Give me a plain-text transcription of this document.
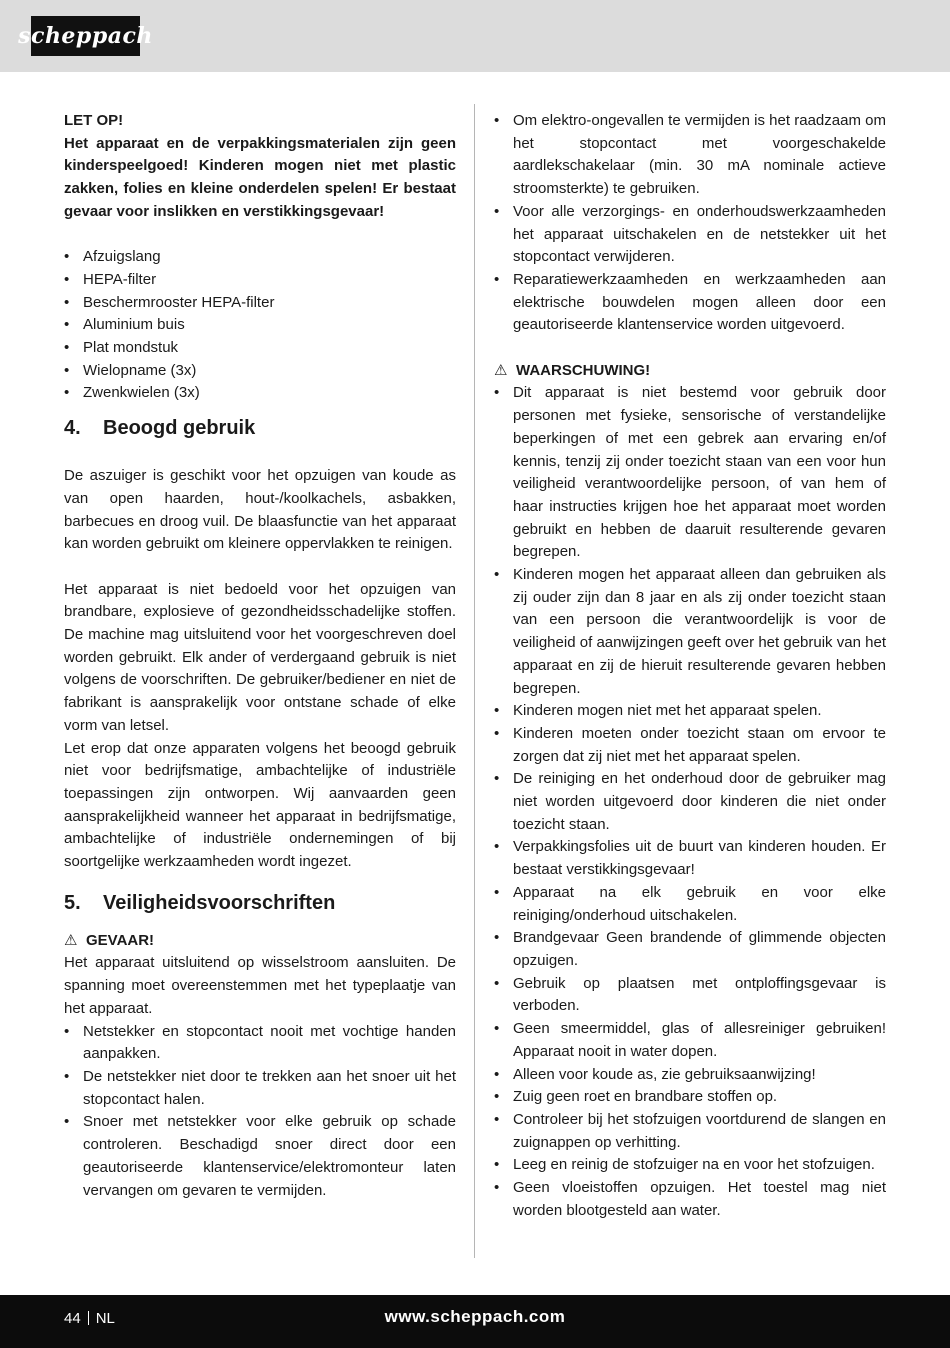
scheppach

LET OP!

Het apparaat en de verpakkingsmaterialen zijn geen kinderspeelgoed! Kinderen mogen niet met plastic zakken, folies en kleine onderdelen spelen! Er bestaat gevaar voor inslikken en verstikkingsgevaar!

• Afzuigslang
• HEPA-filter
• Beschermrooster HEPA-filter
• Aluminium buis
• Plat mondstuk
• Wielopname (3x)
• Zwenkwielen (3x)
4.	Beoogd gebruik

De aszuiger is geschikt voor het opzuigen van koude as van open haarden, hout-/koolkachels, asbakken, barbecues en droog vuil. De blaasfunctie van het apparaat kan worden gebruikt om kleinere oppervlakken te reinigen.

Het apparaat is niet bedoeld voor het opzuigen van brandbare, explosieve of gezondheidsschadelijke stoffen. De machine mag uitsluitend voor het voorgeschreven doel worden gebruikt. Elk ander of verdergaand gebruik is niet volgens de voorschriften. De gebruiker/bediener en niet de fabrikant is aansprakelijk voor ontstane schade of elke vorm van letsel.

Let erop dat onze apparaten volgens het beoogd gebruik niet voor bedrijfsmatige, ambachtelijke of industriële toepassingen zijn ontworpen. Wij aanvaarden geen aansprakelijkheid wanneer het apparaat in bedrijfsmatige, ambachtelijke of industriële ondernemingen of bij soortgelijke werkzaamheden wordt ingezet.

5.	Veiligheidsvoorschriften
⚠ GEVAAR!

Het apparaat uitsluitend op wisselstroom aansluiten. De spanning moet overeenstemmen met het typeplaatje van het apparaat.

• Netstekker en stopcontact nooit met vochtige handen aanpakken.
• De netstekker niet door te trekken aan het snoer uit het stopcontact halen.
• Snoer met netstekker voor elke gebruik op schade controleren. Beschadigd snoer direct door een geautoriseerde klantenservice/elektromonteur laten vervangen om gevaren te vermijden.
• Om elektro-ongevallen te vermijden is het raadzaam om het stopcontact met voorgeschakelde aardlekschakelaar (min. 30 mA nominale actieve stroomsterkte) te gebruiken.
• Voor alle verzorgings- en onderhoudswerkzaamheden het apparaat uitschakelen en de netstekker uit het stopcontact verwijderen.
• Reparatiewerkzaamheden en werkzaamheden aan elektrische bouwdelen mogen alleen door een geautoriseerde klantenservice worden uitgevoerd.
⚠ WAARSCHUWING!
• Dit apparaat is niet bestemd voor gebruik door personen met fysieke, sensorische of verstandelijke beperkingen of met een gebrek aan ervaring en/of kennis, tenzij zij onder toezicht staan van een voor hun veiligheid verantwoordelijke persoon, of van hem of haar instructies krijgen hoe het apparaat moet worden gebruikt en hebben de daaruit resulterende gevaren begrepen.
• Kinderen mogen het apparaat alleen dan gebruiken als zij ouder zijn dan 8 jaar en als zij onder toezicht staan van een persoon die verantwoordelijk is voor de veiligheid of aanwijzingen geeft over het gebruik van het apparaat en zij de hieruit resulterende gevaren hebben begrepen.
• Kinderen mogen niet met het apparaat spelen.
• Kinderen moeten onder toezicht staan om ervoor te zorgen dat zij niet met het apparaat spelen.
• De reiniging en het onderhoud door de gebruiker mag niet worden uitgevoerd door kinderen die niet onder toezicht staan.
• Verpakkingsfolies uit de buurt van kinderen houden. Er bestaat verstikkingsgevaar!
• Apparaat na elk gebruik en voor elke reiniging/onderhoud uitschakelen.
• Brandgevaar Geen brandende of glimmende objecten opzuigen.
• Gebruik op plaatsen met ontploffingsgevaar is verboden.
• Geen smeermiddel, glas of allesreiniger gebruiken! Apparaat nooit in water dopen.
• Alleen voor koude as, zie gebruiksaanwijzing!
• Zuig geen roet en brandbare stoffen op.
• Controleer bij het stofzuigen voortdurend de slangen en zuignappen op verhitting.
• Leeg en reinig de stofzuiger na en voor het stofzuigen.
• Geen vloeistoffen opzuigen. Het toestel mag niet worden blootgesteld aan water.
44 NL	www.scheppach.com
